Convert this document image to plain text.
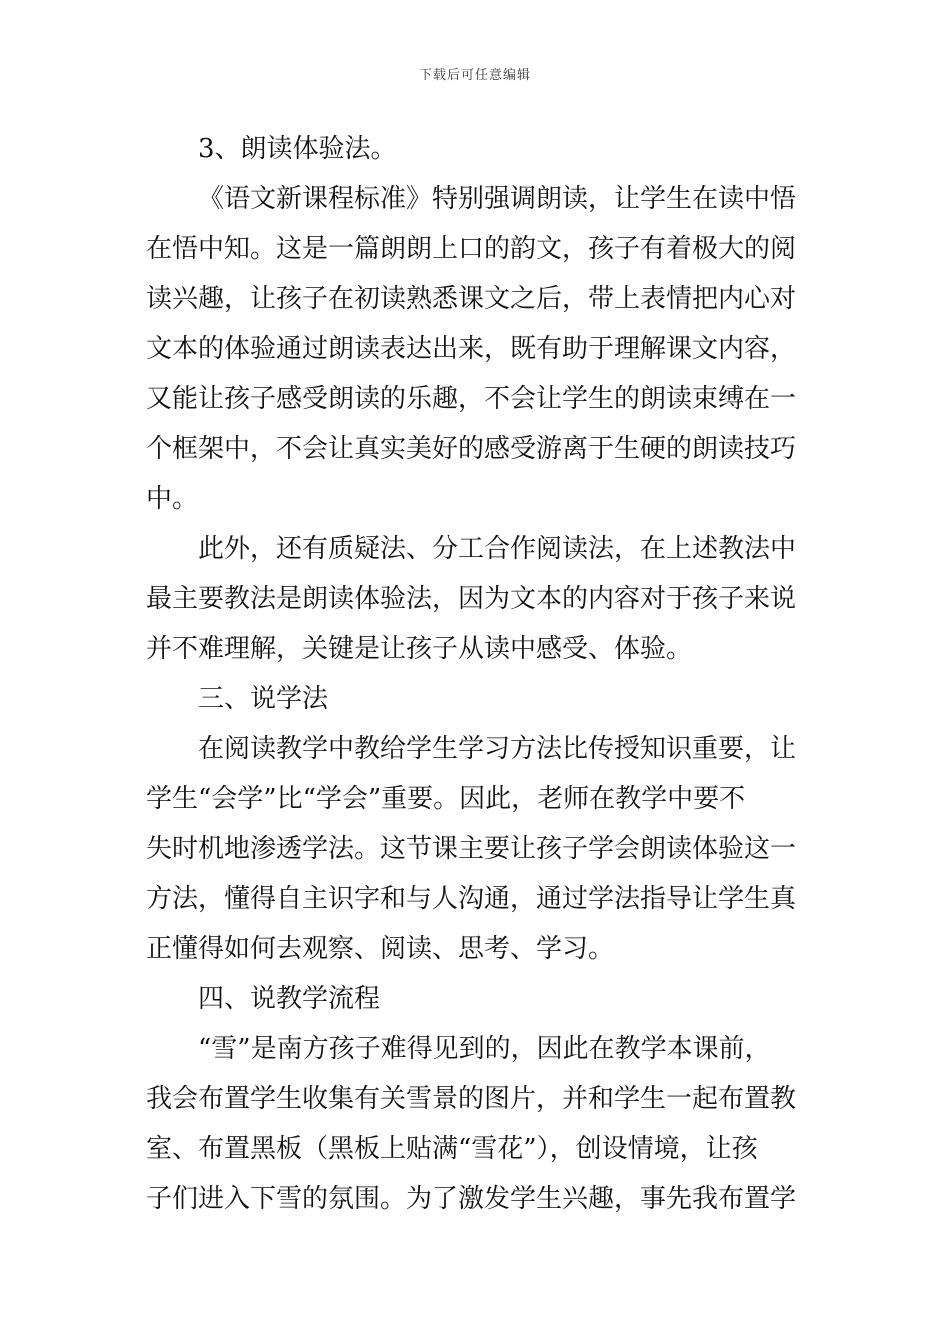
下载后可任意编辑
3、朗读体验法。
《语文新课程标准》特别强调朗读，让学生在读中悟
在悟中知。这是一篇朗朗上口的韵文，孩子有着极大的阅
读兴趣，让孩子在初读熟悉课文之后，带上表情把内心对
文本的体验通过朗读表达出来，既有助于理解课文内容，
又能让孩子感受朗读的乐趣，不会让学生的朗读束缚在一
个框架中，不会让真实美好的感受游离于生硬的朗读技巧
中。
此外，还有质疑法、分工合作阅读法，在上述教法中
最主要教法是朗读体验法，因为文本的内容对于孩子来说
并不难理解，关键是让孩子从读中感受、体验。
三、说学法
在阅读教学中教给学生学习方法比传授知识重要，让
学生“会学”比“学会”重要。因此，老师在教学中要不
失时机地渗透学法。这节课主要让孩子学会朗读体验这一
方法，懂得自主识字和与人沟通，通过学法指导让学生真
正懂得如何去观察、阅读、思考、学习。
四、说教学流程
“雪”是南方孩子难得见到的，因此在教学本课前，
我会布置学生收集有关雪景的图片，并和学生一起布置教
室、布置黑板（黑板上贴满“雪花”），创设情境，让孩
子们进入下雪的氛围。为了激发学生兴趣，事先我布置学
